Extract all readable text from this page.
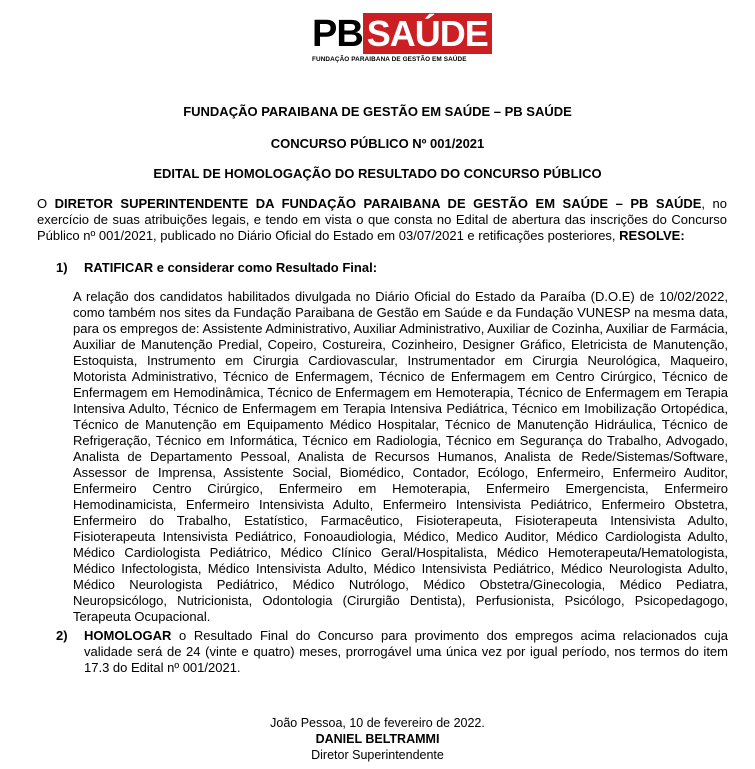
PB SAÚDE
FUNDAÇÃO PARAIBANA DE GESTÃO EM SAÚDE

FUNDAÇÃO PARAIBANA DE GESTÃO EM SAÚDE – PB SAÚDE

CONCURSO PÚBLICO Nº 001/2021

EDITAL DE HOMOLOGAÇÃO DO RESULTADO DO CONCURSO PÚBLICO

O DIRETOR SUPERINTENDENTE DA FUNDAÇÃO PARAIBANA DE GESTÃO EM SAÚDE – PB SAÚDE, no exercício de suas atribuições legais, e tendo em vista o que consta no Edital de abertura das inscrições do Concurso Público nº 001/2021, publicado no Diário Oficial do Estado em 03/07/2021 e retificações posteriores, RESOLVE:

1) RATIFICAR e considerar como Resultado Final:

A relação dos candidatos habilitados divulgada no Diário Oficial do Estado da Paraíba (D.O.E) de 10/02/2022, como também nos sites da Fundação Paraibana de Gestão em Saúde e da Fundação VUNESP na mesma data, para os empregos de: Assistente Administrativo, Auxiliar Administrativo, Auxiliar de Cozinha, Auxiliar de Farmácia, Auxiliar de Manutenção Predial, Copeiro, Costureira, Cozinheiro, Designer Gráfico, Eletricista de Manutenção, Estoquista, Instrumento em Cirurgia Cardiovascular, Instrumentador em Cirurgia Neurológica, Maqueiro, Motorista Administrativo, Técnico de Enfermagem, Técnico de Enfermagem em Centro Cirúrgico, Técnico de Enfermagem em Hemodinâmica, Técnico de Enfermagem em Hemoterapia, Técnico de Enfermagem em Terapia Intensiva Adulto, Técnico de Enfermagem em Terapia Intensiva Pediátrica, Técnico em Imobilização Ortopédica, Técnico de Manutenção em Equipamento Médico Hospitalar, Técnico de Manutenção Hidráulica, Técnico de Refrigeração, Técnico em Informática, Técnico em Radiologia, Técnico em Segurança do Trabalho, Advogado, Analista de Departamento Pessoal, Analista de Recursos Humanos, Analista de Rede/Sistemas/Software, Assessor de Imprensa, Assistente Social, Biomédico, Contador, Ecólogo, Enfermeiro, Enfermeiro Auditor, Enfermeiro Centro Cirúrgico, Enfermeiro em Hemoterapia, Enfermeiro Emergencista, Enfermeiro Hemodinamicista, Enfermeiro Intensivista Adulto, Enfermeiro Intensivista Pediátrico, Enfermeiro Obstetra, Enfermeiro do Trabalho, Estatístico, Farmacêutico, Fisioterapeuta, Fisioterapeuta Intensivista Adulto, Fisioterapeuta Intensivista Pediátrico, Fonoaudiologia, Médico, Medico Auditor, Médico Cardiologista Adulto, Médico Cardiologista Pediátrico, Médico Clínico Geral/Hospitalista, Médico Hemoterapeuta/Hematologista, Médico Infectologista, Médico Intensivista Adulto, Médico Intensivista Pediátrico, Médico Neurologista Adulto, Médico Neurologista Pediátrico, Médico Nutrólogo, Médico Obstetra/Ginecologia, Médico Pediatra, Neuropsicólogo, Nutricionista, Odontologia (Cirurgião Dentista), Perfusionista, Psicólogo, Psicopedagogo, Terapeuta Ocupacional.

2) HOMOLOGAR o Resultado Final do Concurso para provimento dos empregos acima relacionados cuja validade será de 24 (vinte e quatro) meses, prorrogável uma única vez por igual período, nos termos do item 17.3 do Edital nº 001/2021.

João Pessoa, 10 de fevereiro de 2022.

DANIEL BELTRAMMI

Diretor Superintendente
